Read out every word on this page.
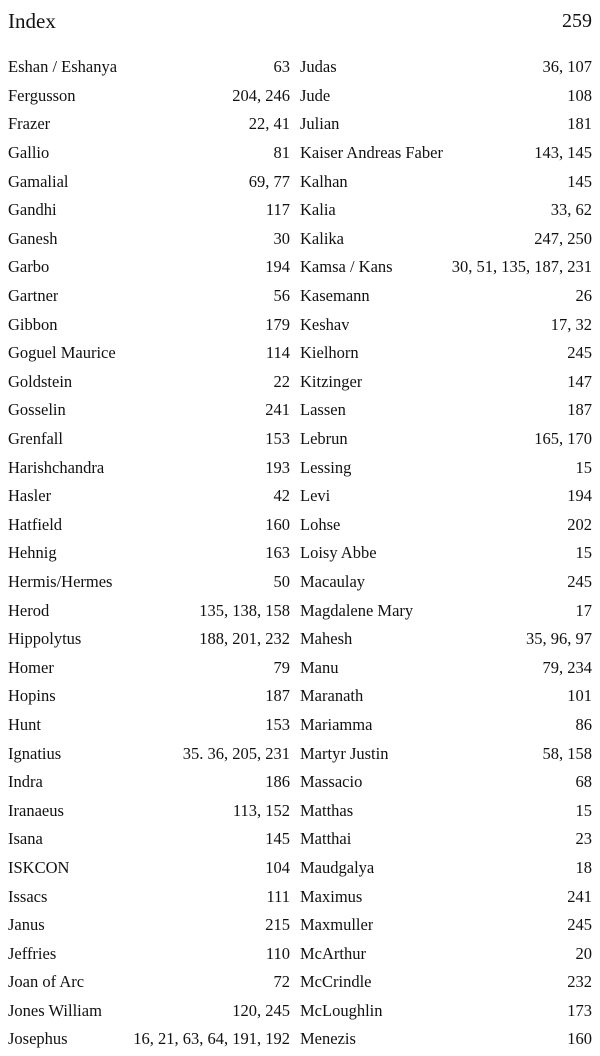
Index	259
Eshan / Eshanya	63
Fergusson	204, 246
Frazer	22, 41
Gallio	81
Gamalial	69, 77
Gandhi	117
Ganesh	30
Garbo	194
Gartner	56
Gibbon	179
Goguel Maurice	114
Goldstein	22
Gosselin	241
Grenfall	153
Harishchandra	193
Hasler	42
Hatfield	160
Hehnig	163
Hermis/Hermes	50
Herod	135, 138, 158
Hippolytus	188, 201, 232
Homer	79
Hopins	187
Hunt	153
Ignatius	35. 36, 205, 231
Indra	186
Iranaeus	113, 152
Isana	145
ISKCON	104
Issacs	111
Janus	215
Jeffries	110
Joan of Arc	72
Jones William	120, 245
Josephus	16, 21, 63, 64, 191, 192
Judas	36, 107
Jude	108
Julian	181
Kaiser Andreas Faber	143, 145
Kalhan	145
Kalia	33, 62
Kalika	247, 250
Kamsa / Kans	30, 51, 135, 187, 231
Kasemann	26
Keshav	17, 32
Kielhorn	245
Kitzinger	147
Lassen	187
Lebrun	165, 170
Lessing	15
Levi	194
Lohse	202
Loisy Abbe	15
Macaulay	245
Magdalene Mary	17
Mahesh	35, 96, 97
Manu	79, 234
Maranath	101
Mariamma	86
Martyr Justin	58, 158
Massacio	68
Matthas	15
Matthai	23
Maudgalya	18
Maximus	241
Maxmuller	245
McArthur	20
McCrindle	232
McLoughlin	173
Menezis	160
